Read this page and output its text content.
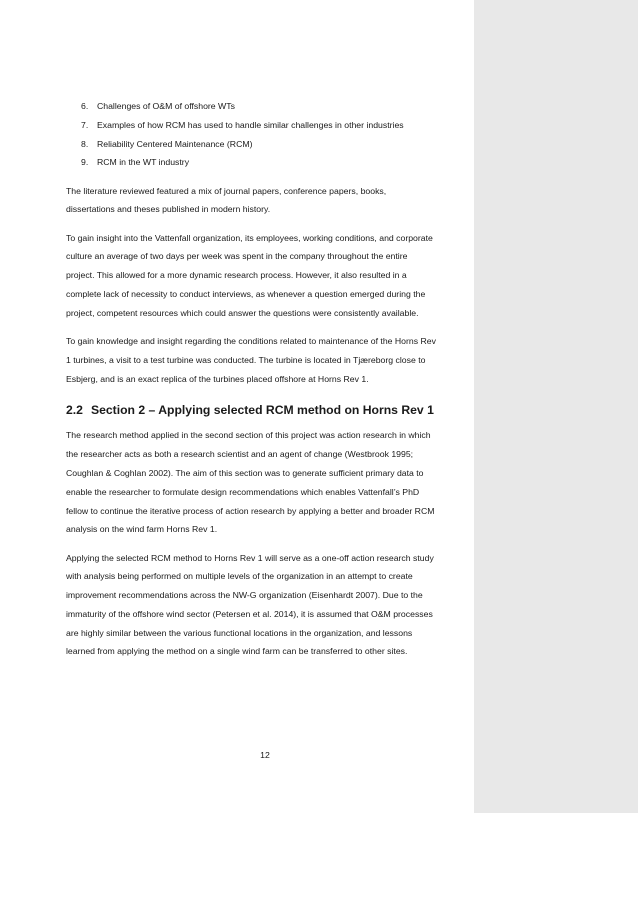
6.	Challenges of O&M of offshore WTs
7.	Examples of how RCM has used to handle similar challenges in other industries
8.	Reliability Centered Maintenance (RCM)
9.	RCM in the WT industry

The literature reviewed featured a mix of journal papers, conference papers, books,
dissertations and theses published in modern history.

To gain insight into the Vattenfall organization, its employees, working conditions, and corporate
culture an average of two days per week was spent in the company throughout the entire
project. This allowed for a more dynamic research process. However, it also resulted in a
complete lack of necessity to conduct interviews, as whenever a question emerged during the
project, competent resources which could answer the questions were consistently available.

To gain knowledge and insight regarding the conditions related to maintenance of the Horns Rev
1 turbines, a visit to a test turbine was conducted. The turbine is located in Tjæreborg close to
Esbjerg, and is an exact replica of the turbines placed offshore at Horns Rev 1.

2.2 Section 2 – Applying selected RCM method on Horns Rev 1

The research method applied in the second section of this project was action research in which
the researcher acts as both a research scientist and an agent of change (Westbrook 1995;
Coughlan & Coghlan 2002). The aim of this section was to generate sufficient primary data to
enable the researcher to formulate design recommendations which enables Vattenfall’s PhD
fellow to continue the iterative process of action research by applying a better and broader RCM
analysis on the wind farm Horns Rev 1.

Applying the selected RCM method to Horns Rev 1 will serve as a one-off action research study
with analysis being performed on multiple levels of the organization in an attempt to create
improvement recommendations across the NW-G organization (Eisenhardt 2007). Due to the
immaturity of the offshore wind sector (Petersen et al. 2014), it is assumed that O&M processes
are highly similar between the various functional locations in the organization, and lessons
learned from applying the method on a single wind farm can be transferred to other sites.

12
